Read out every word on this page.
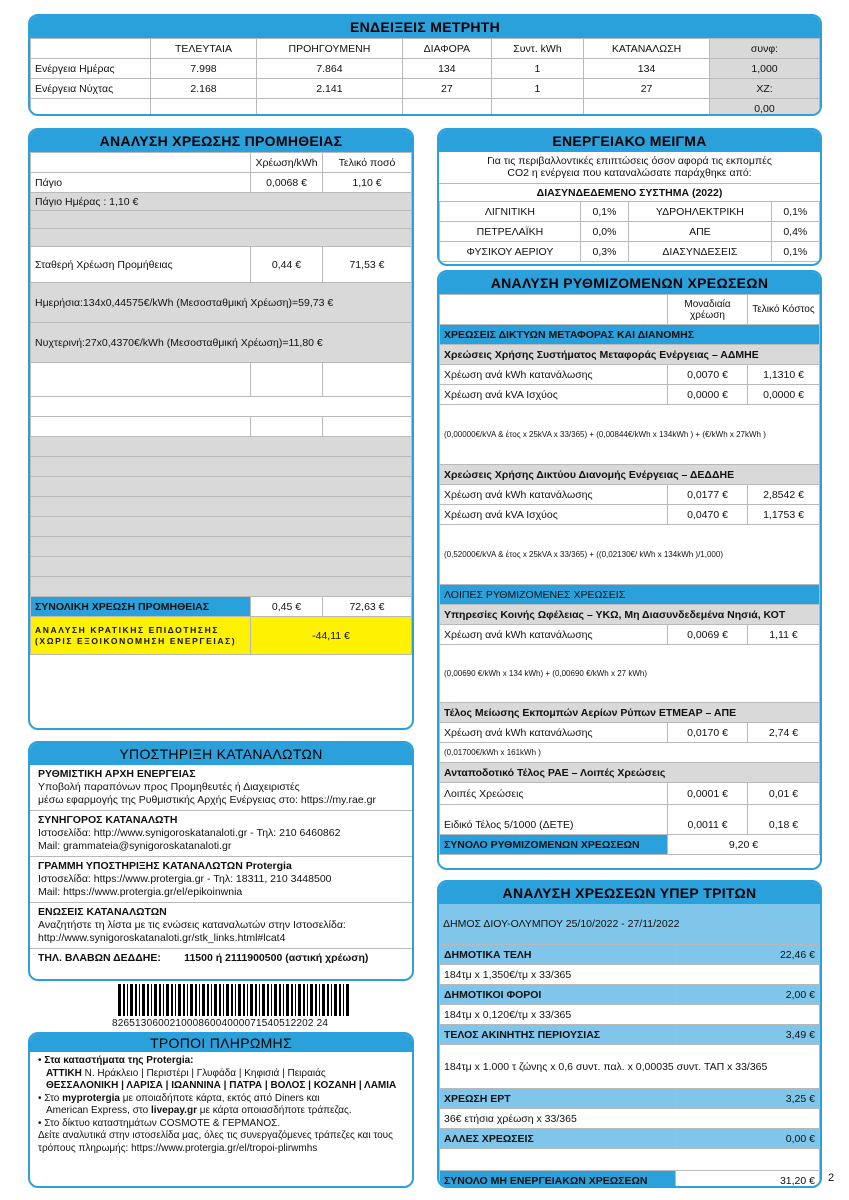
ΕΝΔΕΙΞΕΙΣ ΜΕΤΡΗΤΗ
	ΤΕΛΕΥΤΑΙΑ	ΠΡΟΗΓΟΥΜΕΝΗ	ΔΙΑΦΟΡΑ	Συντ. kWh	ΚΑΤΑΝΑΛΩΣΗ	συνφ:
Ενέργεια Ημέρας	7.998	7.864	134	1	134	1,000
Ενέργεια Νύχτας	2.168	2.141	27	1	27	ΧΖ:
						0,00
ΑΝΑΛΥΣΗ ΧΡΕΩΣΗΣ ΠΡΟΜΗΘΕΙΑΣ
	Χρέωση/kWh	Τελικό ποσό
Πάγιο	0,0068 €	1,10 €
Πάγιο Ημέρας : 1,10 €		

Σταθερή Χρέωση Προμήθειας	0,44 €	71,53 €
Ημερήσια:134x0,44575€/kWh (Μεσοσταθμική Χρέωση)=59,73 €		
Νυχτερινή:27x0,4370€/kWh (Μεσοσταθμική Χρέωση)=11,80 €		

ΣΥΝΟΛΙΚΗ ΧΡΕΩΣΗ ΠΡΟΜΗΘΕΙΑΣ	0,45 €	72,63 €

ΑΝΑΛΥΣΗ ΚΡΑΤΙΚΗΣ ΕΠΙΔΟΤΗΣΗΣ
(ΧΩΡΙΣ ΕΞΟΙΚΟΝΟΜΗΣΗ ΕΝΕΡΓΕΙΑΣ)	-44,11 €	
ΕΝΕΡΓΕΙΑΚΟ ΜΕΙΓΜΑ
Για τις περιβαλλοντικές επιπτώσεις όσον αφορά τις εκπομπές
CO2 η ενέργεια που καταναλώσατε παράχθηκε από:
ΔΙΑΣΥΝΔΕΔΕΜΕΝΟ ΣΥΣΤΗΜΑ (2022)
ΛΙΓΝΙΤΙΚΗ	0,1%	ΥΔΡΟΗΛΕΚΤΡΙΚΗ	0,1%
ΠΕΤΡΕΛΑΪΚΗ	0,0%	ΑΠΕ	0,4%
ΦΥΣΙΚΟΥ ΑΕΡΙΟΥ	0,3%	ΔΙΑΣΥΝΔΕΣΕΙΣ	0,1%
ΑΝΑΛΥΣΗ ΡΥΘΜΙΖΟΜΕΝΩΝ ΧΡΕΩΣΕΩΝ
	Μοναδιαία χρέωση	Τελικό Κόστος
ΧΡΕΩΣΕΙΣ ΔΙΚΤΥΩΝ ΜΕΤΑΦΟΡΑΣ ΚΑΙ ΔΙΑΝΟΜΗΣ		
Χρεώσεις Χρήσης Συστήματος Μεταφοράς Ενέργειας – ΑΔΜΗΕ		
Χρέωση ανά kWh κατανάλωσης	0,0070 €	1,1310 €
Χρέωση ανά kVA Ισχύος	0,0000 €	0,0000 €
(0,00000€/kVA & έτος x 25kVA x 33/365) + (0,00844€/kWh x 134kWh ) + (€/kWh x 27kWh )		
Χρεώσεις Χρήσης Δικτύου Διανομής Ενέργειας – ΔΕΔΔΗΕ		
Χρέωση ανά kWh κατανάλωσης	0,0177 €	2,8542 €
Χρέωση ανά kVA Ισχύος	0,0470 €	1,1753 €
(0,52000€/kVA & έτος x 25kVA x 33/365) + ((0,02130€/ kWh x 134kWh )/1,000)		
ΛΟΙΠΕΣ ΡΥΘΜΙΖΟΜΕΝΕΣ ΧΡΕΩΣΕΙΣ		
Υπηρεσίες Κοινής Ωφέλειας – ΥΚΩ, Μη Διασυνδεδεμένα Νησιά, ΚΟΤ		
Χρέωση ανά kWh κατανάλωσης	0,0069 €	1,11 €
(0,00690 €/kWh x 134 kWh) + (0,00690 €/kWh x 27 kWh)		
Τέλος Μείωσης Εκπομπών Αερίων Ρύπων ΕΤΜΕΑΡ – ΑΠΕ		
Χρέωση ανά kWh κατανάλωσης	0,0170 €	2,74 €
(0,01700€/kWh x 161kWh )		
Ανταποδοτικό Τέλος ΡΑΕ – Λοιπές Χρεώσεις		
Λοιπές Χρεώσεις	0,0001 €	0,01 €
Ειδικό Τέλος 5/1000 (ΔΕΤΕ)	0,0011 €	0,18 €
ΣΥΝΟΛΟ ΡΥΘΜΙΖΟΜΕΝΩΝ ΧΡΕΩΣΕΩΝ	9,20 €	
ΥΠΟΣΤΗΡΙΞΗ ΚΑΤΑΝΑΛΩΤΩΝ
ΡΥΘΜΙΣΤΙΚΗ ΑΡΧΗ ΕΝΕΡΓΕΙΑΣ
Υποβολή παραπόνων προς Προμηθευτές ή Διαχειριστές
μέσω εφαρμογής της Ρυθμιστικής Αρχής Ενέργειας στο: https://my.rae.gr
ΣΥΝΗΓΟΡΟΣ ΚΑΤΑΝΑΛΩΤΗ
Ιστοσελίδα: http://www.synigoroskatanaloti.gr - Τηλ: 210 6460862
Mail: grammateia@synigoroskatanaloti.gr
ΓΡΑΜΜΗ ΥΠΟΣΤΗΡΙΞΗΣ ΚΑΤΑΝΑΛΩΤΩΝ Protergia
Ιστοσελίδα: https://www.protergia.gr - Τηλ: 18311, 210 3448500
Mail: https://www.protergia.gr/el/epikoinwnia
ΕΝΩΣΕΙΣ ΚΑΤΑΝΑΛΩΤΩΝ
Αναζητήστε τη λίστα με τις ενώσεις καταναλωτών στην Ιστοσελίδα:
http://www.synigoroskatanaloti.gr/stk_links.html#lcat4
ΤΗΛ. ΒΛΑΒΩΝ ΔΕΔΔΗΕ:        11500 ή 2111900500 (αστική χρέωση)
82651306002100086004000071540512202 24
ΤΡΟΠΟΙ ΠΛΗΡΩΜΗΣ
• Στα καταστήματα της Protergia:
ΑΤΤΙΚΗ Ν. Ηράκλειο | Περιστέρι | Γλυφάδα | Κηφισιά | Πειραιάς
ΘΕΣΣΑΛΟΝΙΚΗ | ΛΑΡΙΣΑ | ΙΩΑΝΝΙΝΑ | ΠΑΤΡΑ | ΒΟΛΟΣ | ΚΟΖΑΝΗ | ΛΑΜΙΑ
• Στο myprotergia με οποιαδήποτε κάρτα, εκτός από Diners και
American Express, στο livepay.gr με κάρτα οποιασδήποτε τράπεζας.
• Στο δίκτυο καταστημάτων COSMOTE & ΓΕΡΜΑΝΟΣ.
Δείτε αναλυτικά στην ιστοσελίδα μας, όλες τις συνεργαζόμενες τράπεζες και τους τρόπους πληρωμής: https://www.protergia.gr/el/tropoi-plirwmhs
ΑΝΑΛΥΣΗ ΧΡΕΩΣΕΩΝ ΥΠΕΡ ΤΡΙΤΩΝ
ΔΗΜΟΣ ΔΙΟΥ-ΟΛΥΜΠΟΥ 25/10/2022 - 27/11/2022
ΔΗΜΟΤΙΚΑ ΤΕΛΗ	22,46 €
184τμ x 1,350€/τμ x 33/365	
ΔΗΜΟΤΙΚΟΙ ΦΟΡΟΙ	2,00 €
184τμ x 0,120€/τμ x 33/365	
ΤΕΛΟΣ ΑΚΙΝΗΤΗΣ ΠΕΡΙΟΥΣΙΑΣ	3,49 €
184τμ x 1.000 τ ζώνης x 0,6 συντ. παλ. x 0,00035 συντ. ΤΑΠ x 33/365	
ΧΡΕΩΣΗ ΕΡΤ	3,25 €
36€ ετήσια χρέωση x 33/365	
ΑΛΛΕΣ ΧΡΕΩΣΕΙΣ	0,00 €

ΣΥΝΟΛΟ ΜΗ ΕΝΕΡΓΕΙΑΚΩΝ ΧΡΕΩΣΕΩΝ	31,20 € 2
